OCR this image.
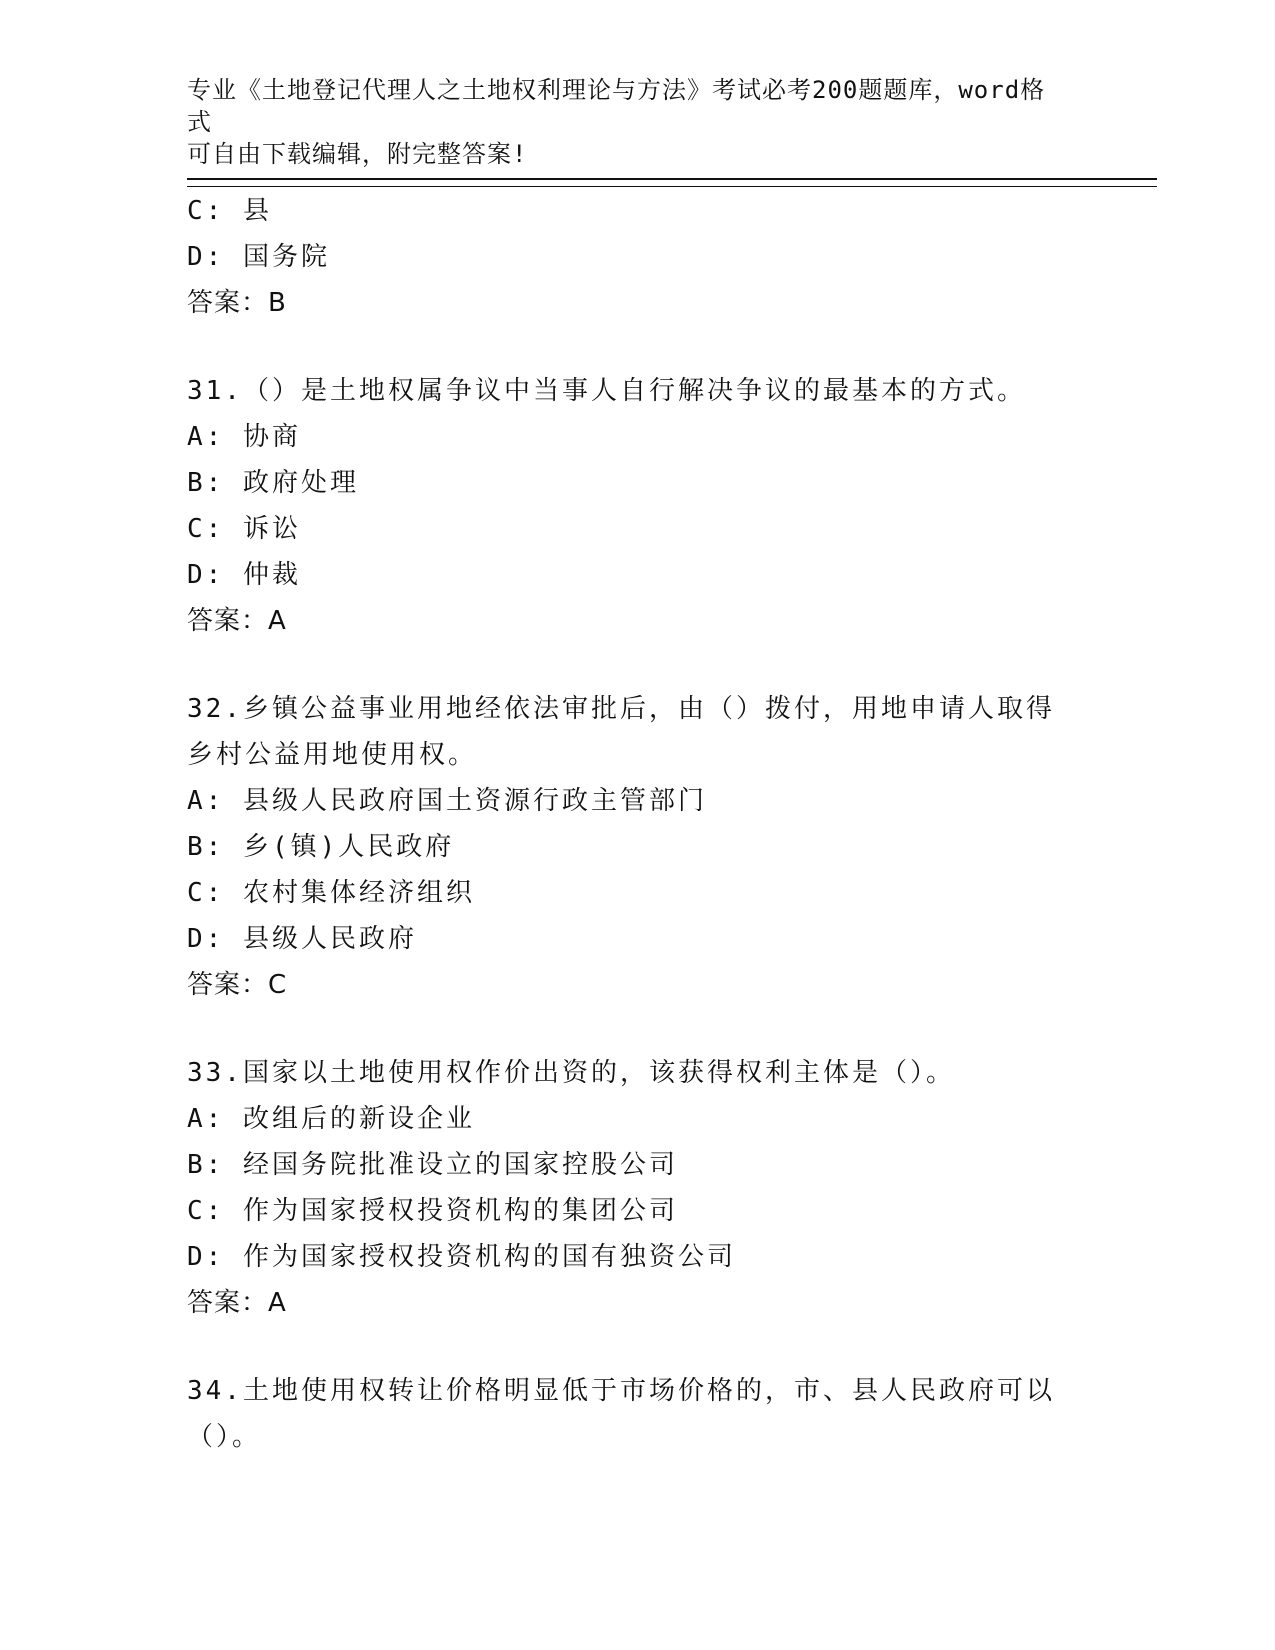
专业《土地登记代理人之土地权利理论与方法》考试必考200题题库，word格式
可自由下载编辑，附完整答案!
C: 县
D: 国务院
答案：B
31.（）是土地权属争议中当事人自行解决争议的最基本的方式。
A: 协商
B: 政府处理
C: 诉讼
D: 仲裁
答案：A
32.乡镇公益事业用地经依法审批后，由（）拨付，用地申请人取得乡村公益用地使用权。
A: 县级人民政府国土资源行政主管部门
B: 乡(镇)人民政府
C: 农村集体经济组织
D: 县级人民政府
答案：C
33.国家以土地使用权作价出资的，该获得权利主体是（）。
A: 改组后的新设企业
B: 经国务院批准设立的国家控股公司
C: 作为国家授权投资机构的集团公司
D: 作为国家授权投资机构的国有独资公司
答案：A
34.土地使用权转让价格明显低于市场价格的，市、县人民政府可以（）。
